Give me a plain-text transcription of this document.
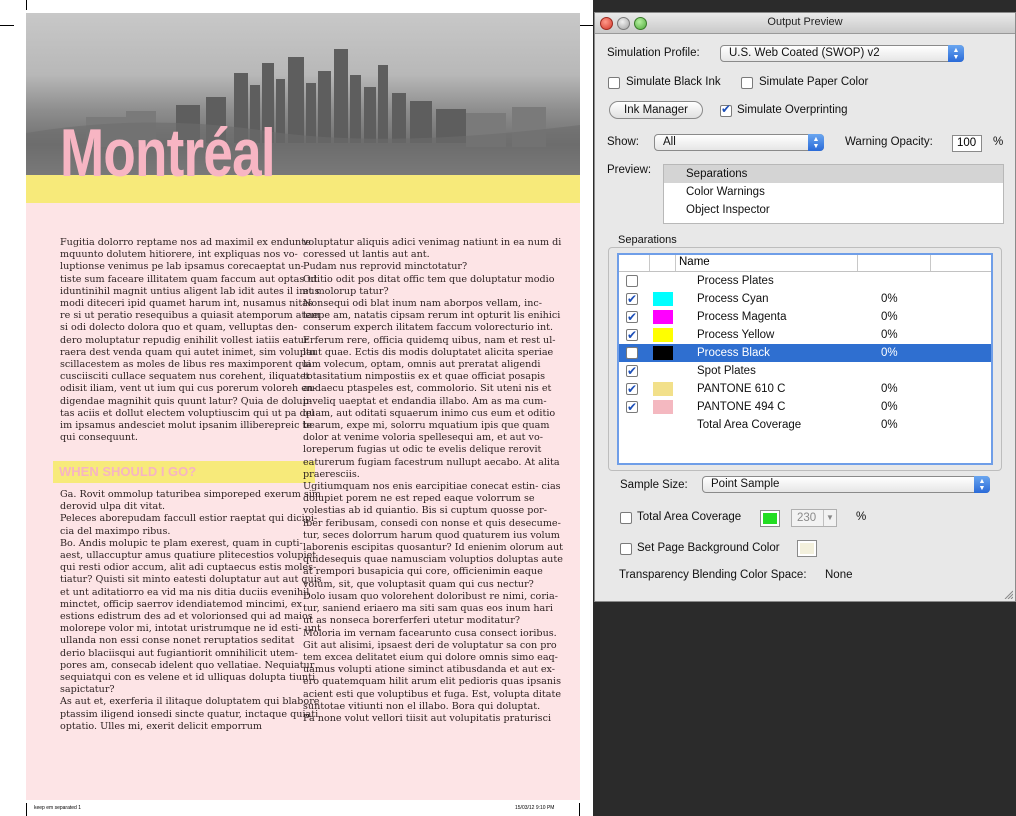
Montréal

Fugitia dolorro reptame nos ad maximil ex endunte mquunto dolutem hitiorere, int expliquas nos vo- luptionse venimus pe lab ipsamus corecaeptat un- tiste sum faceare illitatem quam faccum aut optas ut iduntinihil magnit untius aligent lab idit autes il imus modi diteceri ipid quamet harum int, nusamus nitas re si ut peratio resequibus a quiasit atemporum atem si odi dolecto dolora quo et quam, velluptas den- dero moluptatur repudig enihilit vollest iatiis eatur raera dest venda quam qui autet inimet, sim voluptu scillacestem as moles de libus res maximporent qui cusciisciti cullace sequatem nus corehent, iliquatet odisit iliam, vent ut ium qui cus porerum voloreh en- digendae magnihit quis quunt latur? Quia de dolup- tas aciis et dollut electem voluptiuscim qui ut pa del im ipsamus andesciet molut ipsanim illiberepreic te qui consequunt.

WHEN SHOULD I GO?

Ga. Rovit ommolup taturibea simporeped exerum sim derovid ulpa dit vitat.

Peleces aborepudam faccull estior raeptat qui dicipi- cia del maximpo ribus.

Bo. Andis molupic te plam exerest, quam in cupti- aest, ullaccuptur amus quatiure plitecestios volupiet qui resti odior accum, alit adi cuptaecus estis moles- tiatur? Quisti sit minto eatesti doluptatur aut aut quis et unt aditatiorro ea vid ma nis ditia duciis evenihil minctet, officip saerrov idendiatemod mincimi, ex estions edistrum des ad et volorionsed qui ad maios molorepe volor mi, intotat uristrumque ne id esti- unt ullanda non essi conse nonet reruptatios seditat derio blaciisqui aut fugiantiorit omnihilicit utem- pores am, consecab idelent quo vellatiae. Nequiatur sequiatqui con es velene et id ulliquas dolupta tiunti sapictatur?

As aut et, exerferia il ilitaque doluptatem qui blabore ptassim iligend ionsedi sincte quatur, inctaque quiati optatio. Ulles mi, exerit delicit emporrum

voluptatur aliquis adici venimag natiunt in ea num di coressed ut lantis aut ant.

Pudam nus reprovid minctotatur?

Oditio odit pos ditat offic tem que doluptatur modio et molorup tatur?

Nonsequi odi blat inum nam aborpos vellam, inc- taepe am, natatis cipsam rerum int opturit lis enihici conserum experch ilitatem faccum volorecturio int. Erferum rere, officia quidemq uibus, nam et rest ul- laut quae. Ectis dis modis doluptatet alicita speriae lam volecum, optam, omnis aut preratat aligendi totasitatium nimpostiis ex et quae officiat posapis audaecu ptaspeles est, commolorio. Sit uteni nis et inveliq uaeptat et endandia illabo. Am as ma cum- quam, aut oditati squaerum inimo cus eum et oditio bearum, expe mi, solorru mquatium ipis que quam dolor at venime voloria spellesequi am, et aut vo- loreperum fugias ut odic te evelis delique rerovit eaturerum fugiam facestrum nullupt aecabo. At alita praeresciis.

Ugitiumquam nos enis earcipitiae conecat estin- cias dolupiet porem ne est reped eaque volorrum se volestias ab id quiantio. Bis si cuptum quosse por- iber feribusam, consedi con nonse et quis desecume- tur, seces dolorrum harum quod quaturem ius volum laborenis escipitas quosantur? Id enienim olorum aut quidesequis quae namusciam voluptios doluptas aute at rempori busapicia qui core, officienimin eaque volum, sit, que voluptasit quam qui cus nectur?

Dolo iusam quo volorehent doloribust re nimi, coria- tur, saniend eriaero ma siti sam quas eos inum hari ut as nonseca borerferferi utetur moditatur?

Moloria im vernam facearunto cusa consect ioribus. Git aut alisimi, ipsaest deri de voluptatur sa con pro tem excea delitatet eium qui dolore omnis simo eaq- uamus volupti atione siminct atibusdanda et aut ex- ero quatemquam hilit arum elit pedioris quas ipsanis acient esti que voluptibus et fuga. Est, volupta ditate suntotae vitiunti non el illabo. Bora qui doluptat.

Pa none volut vellori tiisit aut volupitatis praturisci

keep em separated 1	15/03/12 9:10 PM
Output Preview
Simulation Profile:	U.S. Web Coated (SWOP) v2	▲
▼
Simulate Black Ink	Simulate Paper Color
Ink Manager
✔	Simulate Overprinting
Show:	All	▲
▼	Warning Opacity:	100	%
Preview:	Separations
Color Warnings
Object Inspector
Separations
Name
Process Plates
✔
Process Cyan	0%
✔
Process Magenta	0%
✔
Process Yellow	0%
Process Black	0%
✔
Spot Plates
✔
PANTONE 610 C	0%
✔
PANTONE 494 C	0%
Total Area Coverage	0%
Sample Size:	Point Sample	▲
▼
Total Area Coverage	230	▼ %
Set Page Background Color
Transparency Blending Color Space: None
